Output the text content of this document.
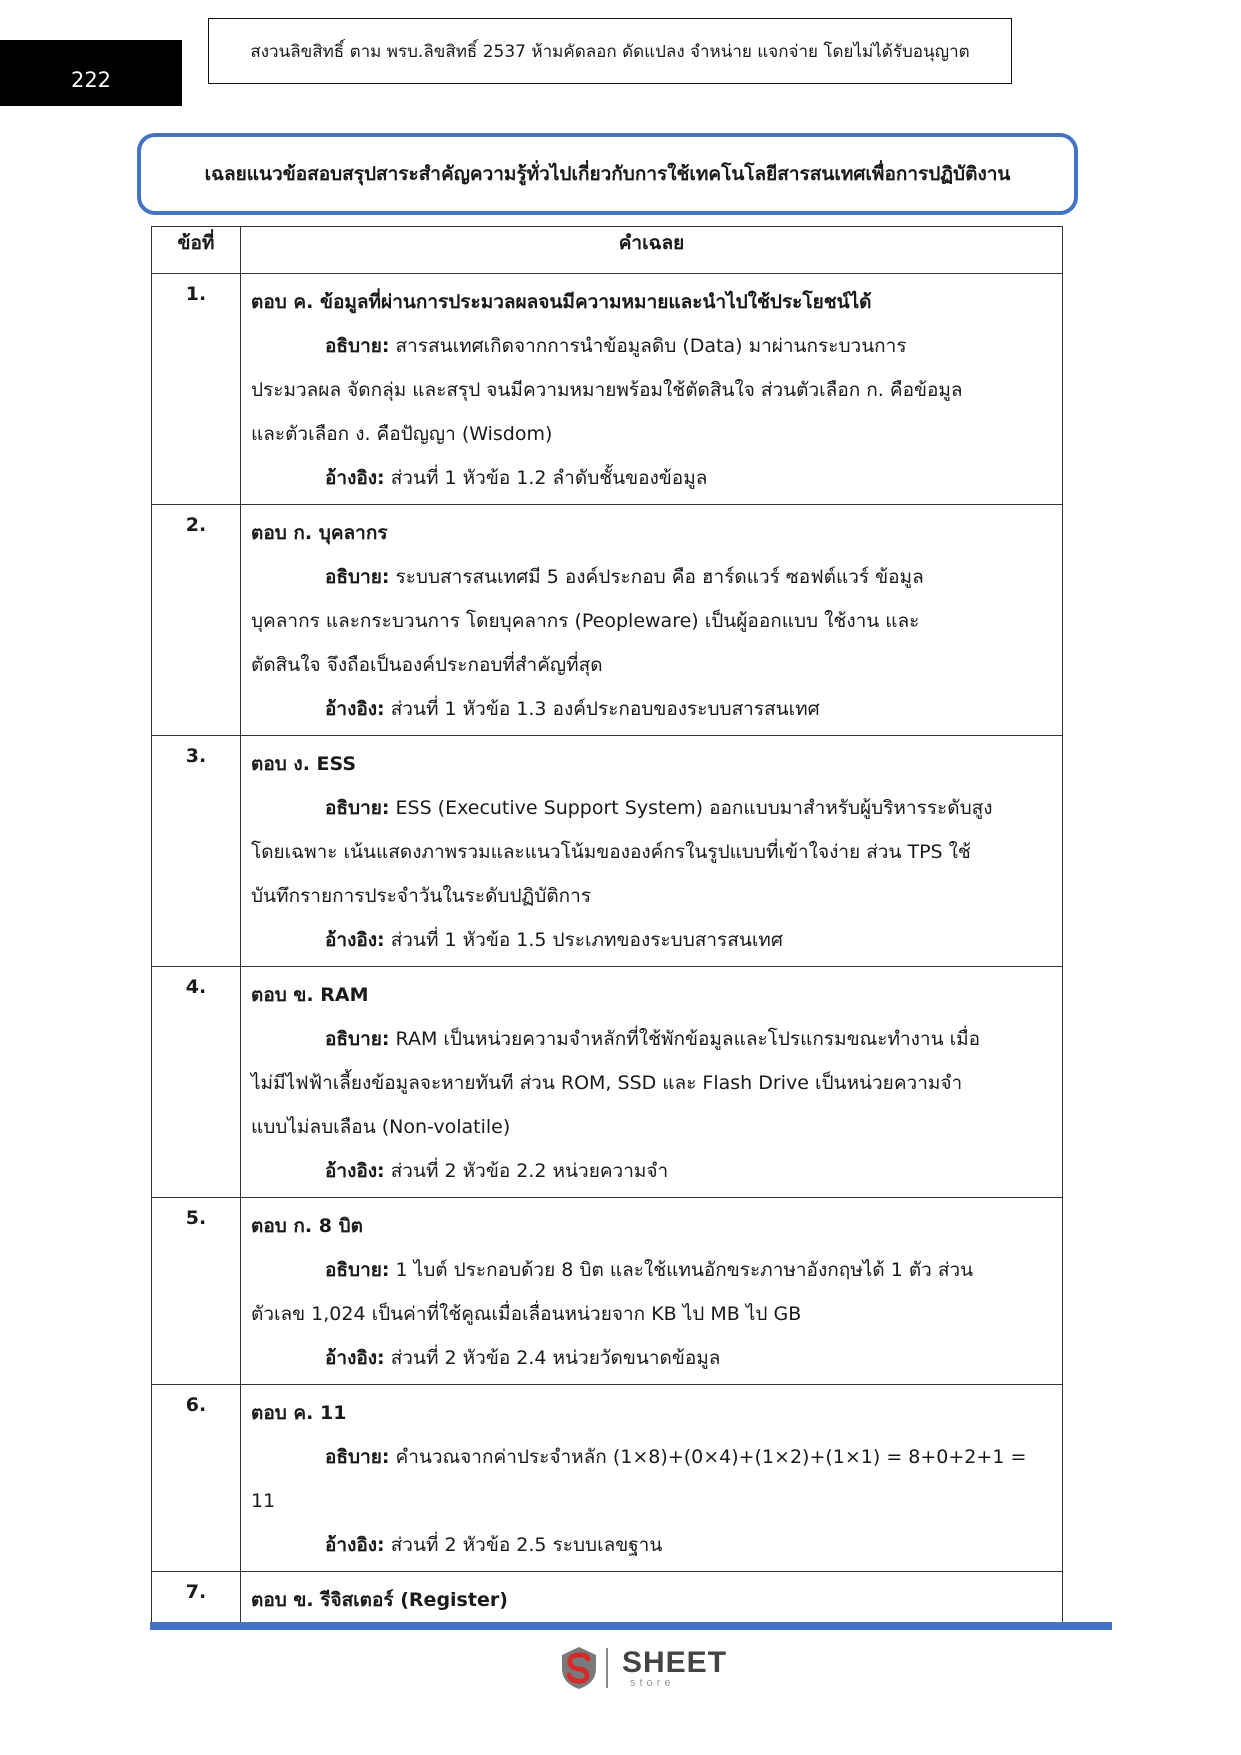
222
สงวนลิขสิทธิ์ ตาม พรบ.ลิขสิทธิ์ 2537 ห้ามคัดลอก ดัดแปลง จำหน่าย แจกจ่าย โดยไม่ได้รับอนุญาต
เฉลยแนวข้อสอบสรุปสาระสำคัญความรู้ทั่วไปเกี่ยวกับการใช้เทคโนโลยีสารสนเทศเพื่อการปฏิบัติงาน
ข้อที่	คำเฉลย
1.	ตอบ ค. ข้อมูลที่ผ่านการประมวลผลจนมีความหมายและนำไปใช้ประโยชน์ได้
อธิบาย: สารสนเทศเกิดจากการนำข้อมูลดิบ (Data) มาผ่านกระบวนการ
ประมวลผล จัดกลุ่ม และสรุป จนมีความหมายพร้อมใช้ตัดสินใจ ส่วนตัวเลือก ก. คือข้อมูล
และตัวเลือก ง. คือปัญญา (Wisdom)
อ้างอิง: ส่วนที่ 1 หัวข้อ 1.2 ลำดับชั้นของข้อมูล

2.	ตอบ ก. บุคลากร
อธิบาย: ระบบสารสนเทศมี 5 องค์ประกอบ คือ ฮาร์ดแวร์ ซอฟต์แวร์ ข้อมูล
บุคลากร และกระบวนการ โดยบุคลากร (Peopleware) เป็นผู้ออกแบบ ใช้งาน และ
ตัดสินใจ จึงถือเป็นองค์ประกอบที่สำคัญที่สุด
อ้างอิง: ส่วนที่ 1 หัวข้อ 1.3 องค์ประกอบของระบบสารสนเทศ

3.	ตอบ ง. ESS
อธิบาย: ESS (Executive Support System) ออกแบบมาสำหรับผู้บริหารระดับสูง
โดยเฉพาะ เน้นแสดงภาพรวมและแนวโน้มขององค์กรในรูปแบบที่เข้าใจง่าย ส่วน TPS ใช้
บันทึกรายการประจำวันในระดับปฏิบัติการ
อ้างอิง: ส่วนที่ 1 หัวข้อ 1.5 ประเภทของระบบสารสนเทศ

4.	ตอบ ข. RAM
อธิบาย: RAM เป็นหน่วยความจำหลักที่ใช้พักข้อมูลและโปรแกรมขณะทำงาน เมื่อ
ไม่มีไฟฟ้าเลี้ยงข้อมูลจะหายทันที ส่วน ROM, SSD และ Flash Drive เป็นหน่วยความจำ
แบบไม่ลบเลือน (Non-volatile)
อ้างอิง: ส่วนที่ 2 หัวข้อ 2.2 หน่วยความจำ

5.	ตอบ ก. 8 บิต
อธิบาย: 1 ไบต์ ประกอบด้วย 8 บิต และใช้แทนอักขระภาษาอังกฤษได้ 1 ตัว ส่วน
ตัวเลข 1,024 เป็นค่าที่ใช้คูณเมื่อเลื่อนหน่วยจาก KB ไป MB ไป GB
อ้างอิง: ส่วนที่ 2 หัวข้อ 2.4 หน่วยวัดขนาดข้อมูล

6.	ตอบ ค. 11
อธิบาย: คำนวณจากค่าประจำหลัก (1×8)+(0×4)+(1×2)+(1×1) = 8+0+2+1 =
11
อ้างอิง: ส่วนที่ 2 หัวข้อ 2.5 ระบบเลขฐาน

7.	ตอบ ข. รีจิสเตอร์ (Register)
SHEET
store
